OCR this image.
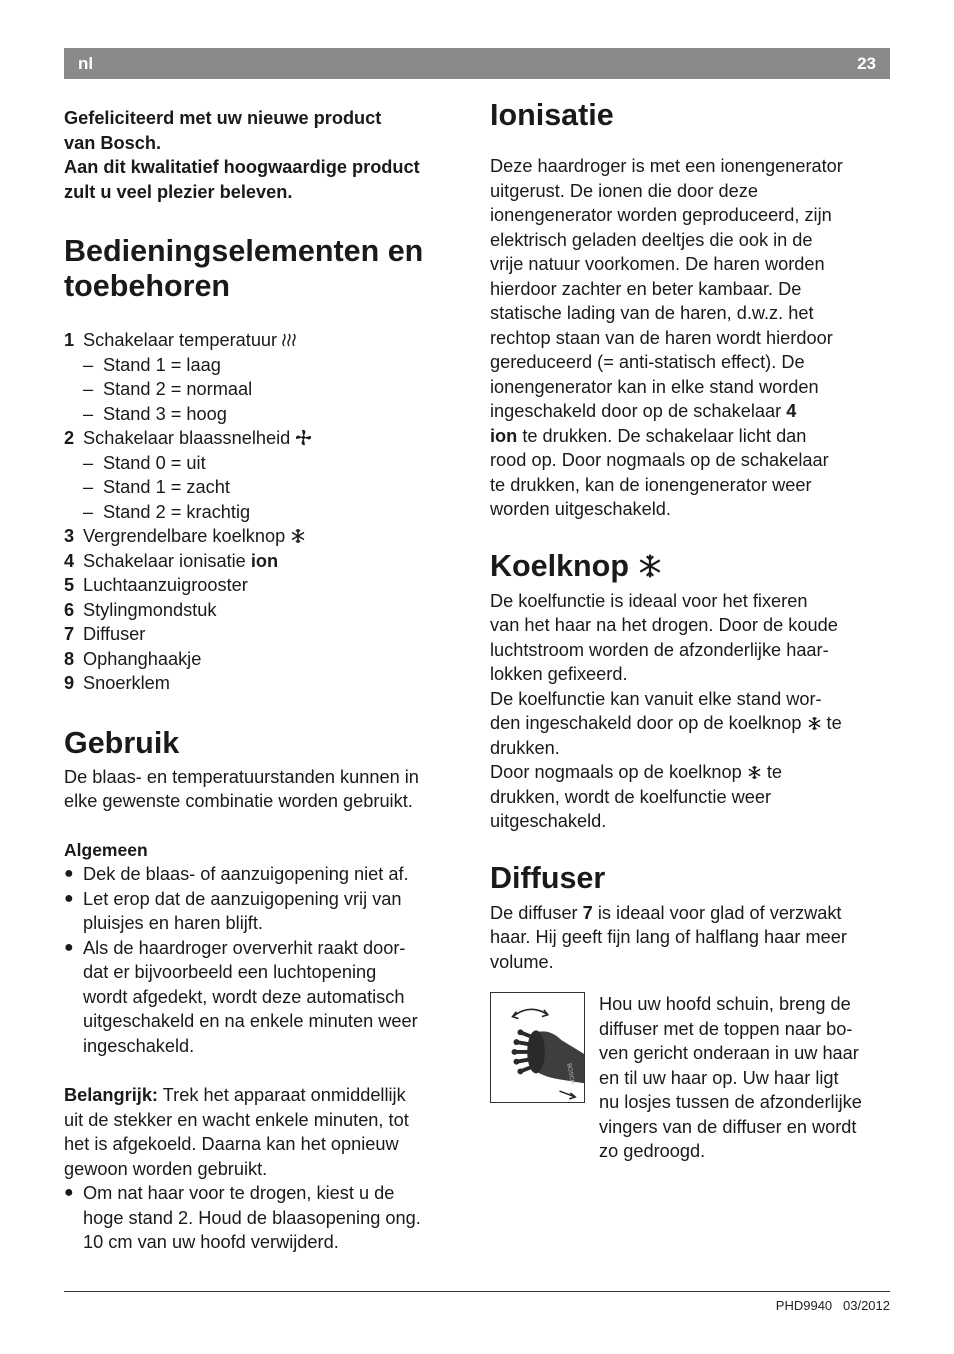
nl	23

Gefeliciteerd met uw nieuwe product

van Bosch.

Aan dit kwalitatief hoogwaardige product

zult u veel plezier beleven.

Bedieningselementen en
toebehoren
1 Schakelaar temperatuur
– Stand 1 = laag
– Stand 2 = normaal
– Stand 3 = hoog
2 Schakelaar blaassnelheid
– Stand 0 = uit
– Stand 1 = zacht
– Stand 2 = krachtig
3 Vergrendelbare koelknop
4 Schakelaar ionisatie ion
5 Luchtaanzuigrooster
6 Stylingmondstuk
7 Diffuser
8 Ophanghaakje
9 Snoerklem
Gebruik

De blaas- en temperatuurstanden kunnen in
elke gewenste combinatie worden gebruikt.

Algemeen
● Dek de blaas- of aanzuigopening niet af.
● Let erop dat de aanzuigopening vrij van
pluisjes en haren blijft.
● Als de haardroger oververhit raakt door-
dat er bijvoorbeeld een luchtopening
wordt afgedekt, wordt deze automatisch
uitgeschakeld en na enkele minuten weer
ingeschakeld.

Belangrijk: Trek het apparaat onmiddellijk
uit de stekker en wacht enkele minuten, tot
het is afgekoeld. Daarna kan het opnieuw
gewoon worden gebruikt.

● Om nat haar voor te drogen, kiest u de
hoge stand 2. Houd de blaasopening ong.
10 cm van uw hoofd verwijderd.
Ionisatie

Deze haardroger is met een ionengenerator
uitgerust. De ionen die door deze
ionengenerator worden geproduceerd, zijn
elektrisch geladen deeltjes die ook in de
vrije natuur voorkomen. De haren worden
hierdoor zachter en beter kambaar. De
statische lading van de haren, d.w.z. het
rechtop staan van de haren wordt hierdoor
gereduceerd (= anti-statisch effect). De
ionengenerator kan in elke stand worden
ingeschakeld door op de schakelaar 4
ion te drukken. De schakelaar licht dan
rood op. Door nogmaals op de schakelaar
te drukken, kan de ionengenerator weer
worden uitgeschakeld.

Koelknop

De koelfunctie is ideaal voor het fixeren
van het haar na het drogen. Door de koude
luchtstroom worden de afzonderlijke haar-
lokken gefixeerd.

De koelfunctie kan vanuit elke stand wor-
den ingeschakeld door op de koelknop  te
drukken.

Door nogmaals op de koelknop  te
drukken, wordt de koelfunctie weer
uitgeschakeld.

Diffuser

De diffuser 7 is ideaal voor glad of verzwakt
haar. Hij geeft fijn lang of halflang haar meer
volume.

BOSCH

Hou uw hoofd schuin, breng de
diffuser met de toppen naar bo-
ven gericht onderaan in uw haar
en til uw haar op. Uw haar ligt
nu losjes tussen de afzonderlijke
vingers van de diffuser en wordt
zo gedroogd.

PHD9940 03/2012
